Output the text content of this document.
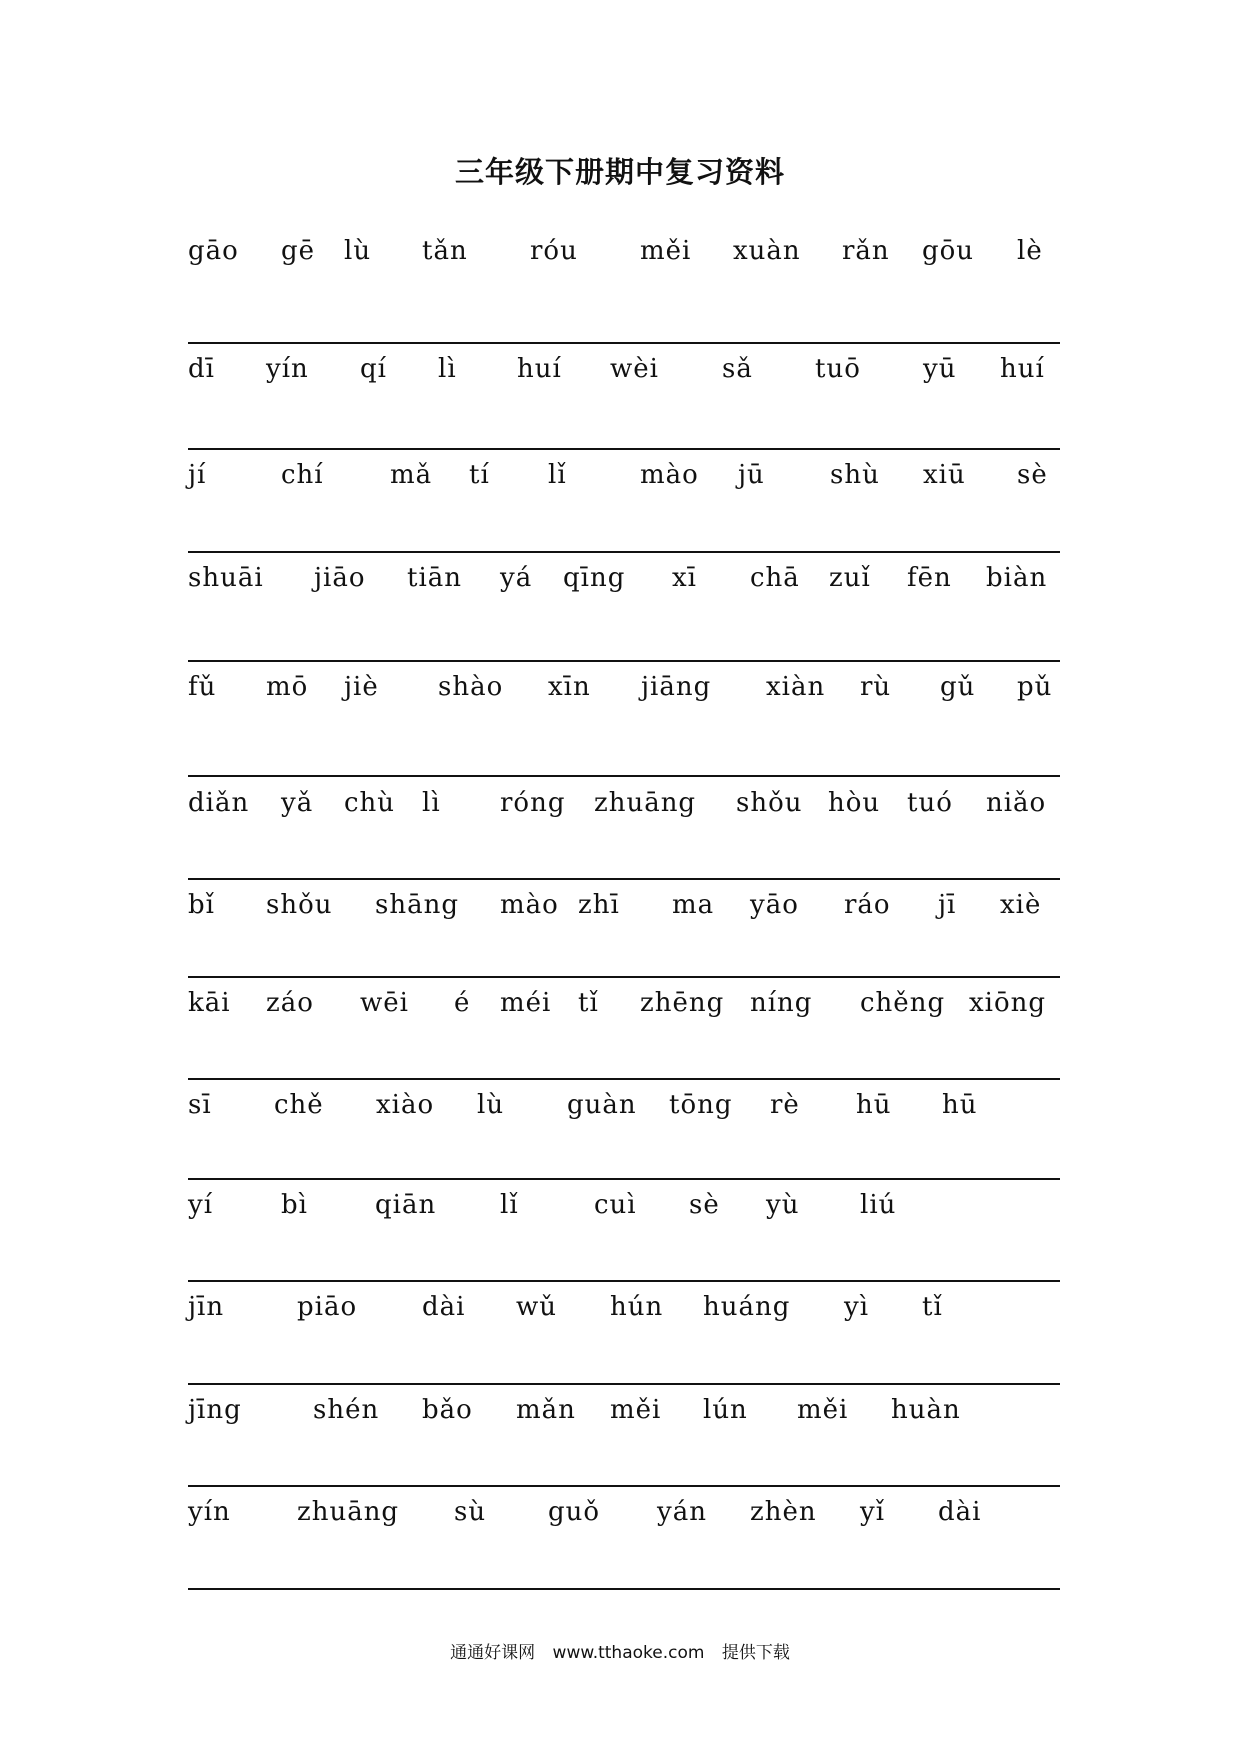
三年级下册期中复习资料
gāo gē lù tǎn róu měi xuàn rǎn gōu lè
dī yín qí lì huí wèi sǎ tuō yū huí
jí	chí	mǎ tí lǐ	mào jū	shù xiū sè
shuāi jiāo tiān yá qīng xī chā zuǐ fēn biàn
fǔ mō jiè shào xīn jiāng xiàn rù gǔ pǔ
diǎn yǎ chù lì róng zhuāng shǒu hòu tuó niǎo
bǐ shǒu shāng mào zhī ma yāo ráo jī xiè
kāi záo wēi é méi tǐ zhēng níng chěng xiōng
sī chě xiào lù guàn tōng rè hū hū
yí	bì	qiān lǐ	cuì sè yù liú
jīn	piāo dài wǔ hún huáng yì tǐ
jīng	shén bǎo mǎn měi lún měi huàn
yín	zhuāng sù guǒ yán zhèn yǐ dài
通通好课网 www.tthaoke.com 提供下载
